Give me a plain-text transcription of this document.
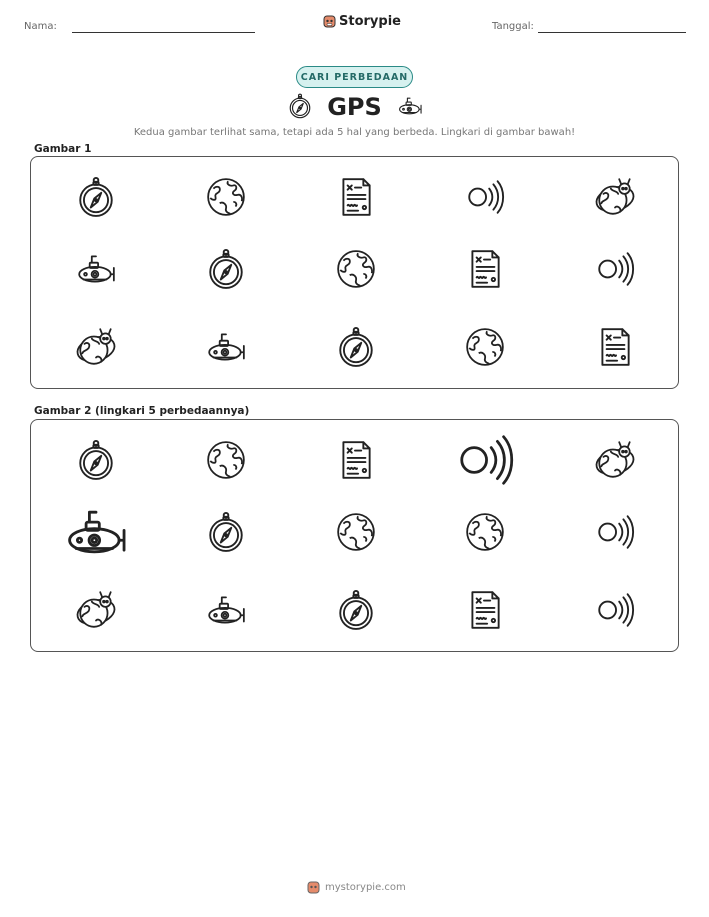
Nama:	Storypie	Tanggal:
CARI PERBEDAAN
GPS
Kedua gambar terlihat sama, tetapi ada 5 hal yang berbeda. Lingkari di gambar bawah!
Gambar 1
Gambar 2 (lingkari 5 perbedaannya)
mystorypie.com
